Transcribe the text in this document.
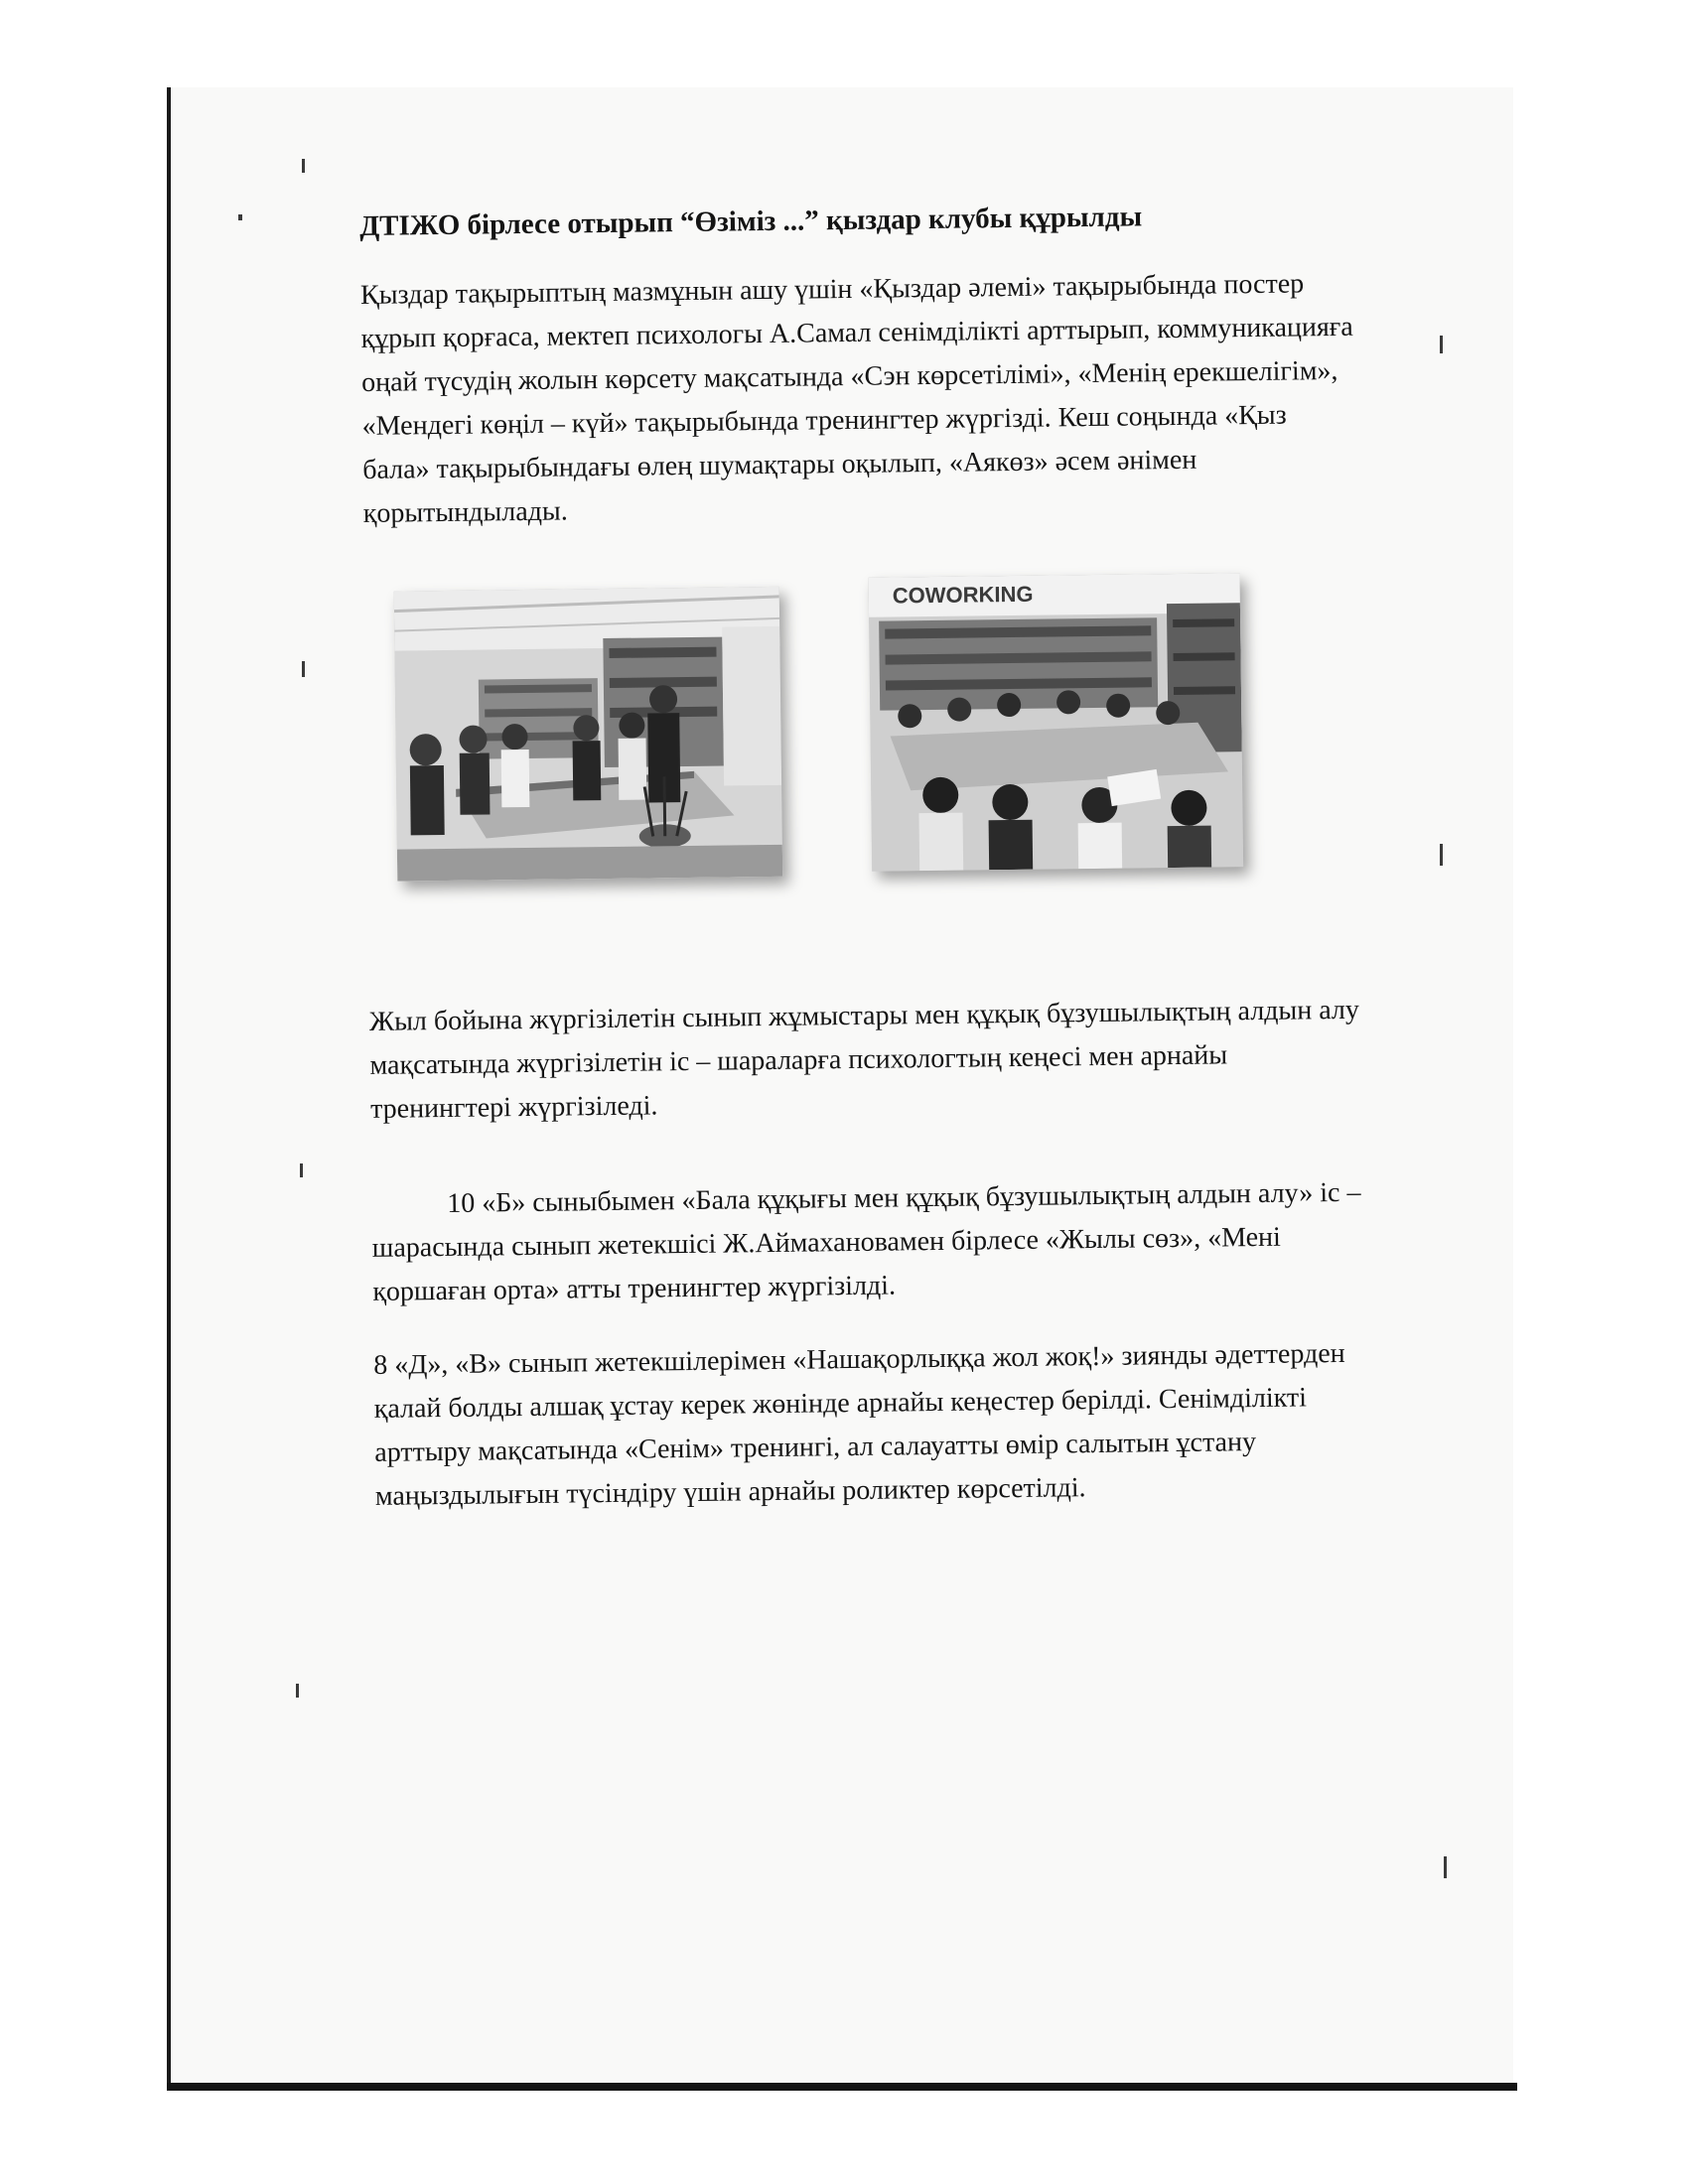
ДТІЖО бірлесе отырып “Өзіміз ...” қыздар клубы құрылды

Қыздар тақырыптың мазмұнын ашу үшін «Қыздар әлемі» тақырыбында постер құрып қорғаса, мектеп психологы А.Самал сенімділікті арттырып, коммуникацияға оңай түсудің жолын көрсету мақсатында «Сэн көрсетілімі», «Менің ерекшелігім», «Мендегі көңіл – күй» тақырыбында тренингтер жүргізді. Кеш соңында «Қыз бала» тақырыбындағы өлең шумақтары оқылып, «Аякөз» әсем әнімен қорытындылады.

COWORKING

Жыл бойына жүргізілетін сынып жұмыстары мен құқық бұзушылықтың алдын алу мақсатында жүргізілетін іс – шараларға психологтың кеңесі мен арнайы тренингтері жүргізіледі.

10 «Б» сыныбымен «Бала құқығы мен құқық бұзушылықтың алдын алу» іс – шарасында сынып жетекшісі Ж.Аймахановамен бірлесе «Жылы сөз», «Мені қоршаған орта» атты тренингтер жүргізілді.

8 «Д», «В» сынып жетекшілерімен «Нашақорлыққа жол жоқ!» зиянды әдеттерден қалай болды алшақ ұстау керек жөнінде арнайы кеңестер берілді. Сенімділікті арттыру мақсатында «Сенім» тренингі, ал салауатты өмір салытын ұстану маңыздылығын түсіндіру үшін арнайы роликтер көрсетілді.
